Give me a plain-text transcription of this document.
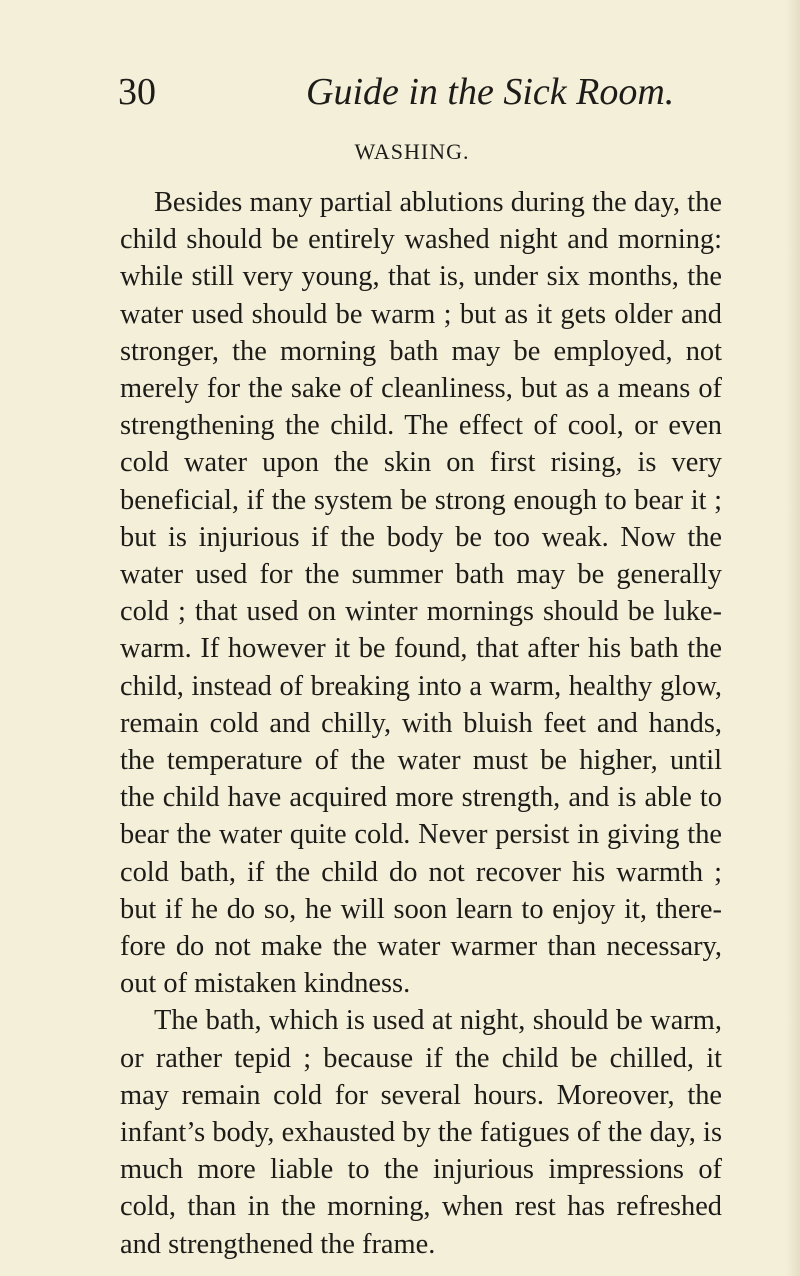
30	Guide in the Sick Room.
WASHING.

Besides many partial ablutions during the day, the child should be entirely washed night and morning: while still very young, that is, under six months, the water used should be warm ; but as it gets older and stronger, the morning bath may be employed, not merely for the sake of cleanliness, but as a means of strengthening the child. The effect of cool, or even cold water upon the skin on first rising, is very beneficial, if the system be strong enough to bear it ; but is injurious if the body be too weak. Now the water used for the summer bath may be generally cold ; that used on winter mornings should be luke-warm. If however it be found, that after his bath the child, instead of breaking into a warm, healthy glow, remain cold and chilly, with bluish feet and hands, the temperature of the water must be higher, until the child have acquired more strength, and is able to bear the water quite cold. Never persist in giving the cold bath, if the child do not recover his warmth ; but if he do so, he will soon learn to enjoy it, therefore do not make the water warmer than necessary, out of mistaken kindness.

The bath, which is used at night, should be warm, or rather tepid ; because if the child be chilled, it may remain cold for several hours. Moreover, the infant’s body, exhausted by the fatigues of the day, is much more liable to the injurious impressions of cold, than in the morning, when rest has refreshed and strengthened the frame.
